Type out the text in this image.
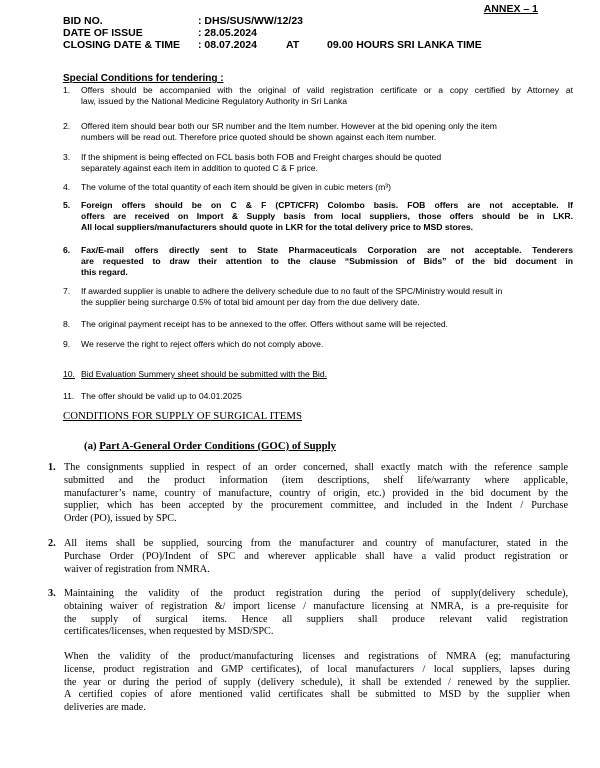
ANNEX – 1
BID NO.	: DHS/SUS/WW/12/23
DATE OF ISSUE	: 28.05.2024
CLOSING DATE & TIME : 08.07.2024	AT	09.00 HOURS SRI LANKA TIME
Special Conditions for tendering :
1. Offers should be accompanied with the original of valid registration certificate or a copy certified by Attorney at
law, issued by the National Medicine Regulatory Authority in Sri Lanka
2. Offered item should bear both our SR number and the Item number. However at the bid opening only the item
numbers will be read out. Therefore price quoted should be shown against each item number.
3. If the shipment is being effected on FCL basis both FOB and Freight charges should be quoted
separately against each item in addition to quoted C & F price.
4. The volume of the total quantity of each item should be given in cubic meters (m³)
5. Foreign offers should be on C & F (CPT/CFR) Colombo basis. FOB offers are not acceptable. If
offers are received on Import & Supply basis from local suppliers, those offers should be in LKR.
All local suppliers/manufacturers should quote in LKR for the total delivery price to MSD stores.
6. Fax/E-mail offers directly sent to State Pharmaceuticals Corporation are not acceptable. Tenderers
are requested to draw their attention to the clause “Submission of Bids” of the bid document in
this regard.
7. If awarded supplier is unable to adhere the delivery schedule due to no fault of the SPC/Ministry would result in
the supplier being surcharge 0.5% of total bid amount per day from the due delivery date.
8. The original payment receipt has to be annexed to the offer. Offers without same will be rejected.
9. We reserve the right to reject offers which do not comply above.
10. Bid Evaluation Summery sheet should be submitted with the Bid.
11. The offer should be valid up to 04.01.2025
CONDITIONS FOR SUPPLY OF SURGICAL ITEMS
(a) Part A-General Order Conditions (GOC) of Supply
1. The consignments supplied in respect of an order concerned, shall exactly match with the reference sample
submitted and the product information (item descriptions, shelf life/warranty where applicable,
manufacturer’s name, country of manufacture, country of origin, etc.) provided in the bid document by the
supplier, which has been accepted by the procurement committee, and included in the Indent / Purchase
Order (PO), issued by SPC.
2. All items shall be supplied, sourcing from the manufacturer and country of manufacturer, stated in the
Purchase Order (PO)/Indent of SPC and wherever applicable shall have a valid product registration or
waiver of registration from NMRA.
3. Maintaining the validity of the product registration during the period of supply(delivery schedule),
obtaining waiver of registration &/ import license / manufacture licensing at NMRA, is a pre-requisite for
the supply of surgical items. Hence all suppliers shall produce relevant valid registration
certificates/licenses, when requested by MSD/SPC.
When the validity of the product/manufacturing licenses and registrations of NMRA (eg; manufacturing
license, product registration and GMP certificates), of local manufacturers / local suppliers, lapses during
the year or during the period of supply (delivery schedule), it shall be extended / renewed by the supplier.
A certified copies of afore mentioned valid certificates shall be submitted to MSD by the supplier when
deliveries are made.
